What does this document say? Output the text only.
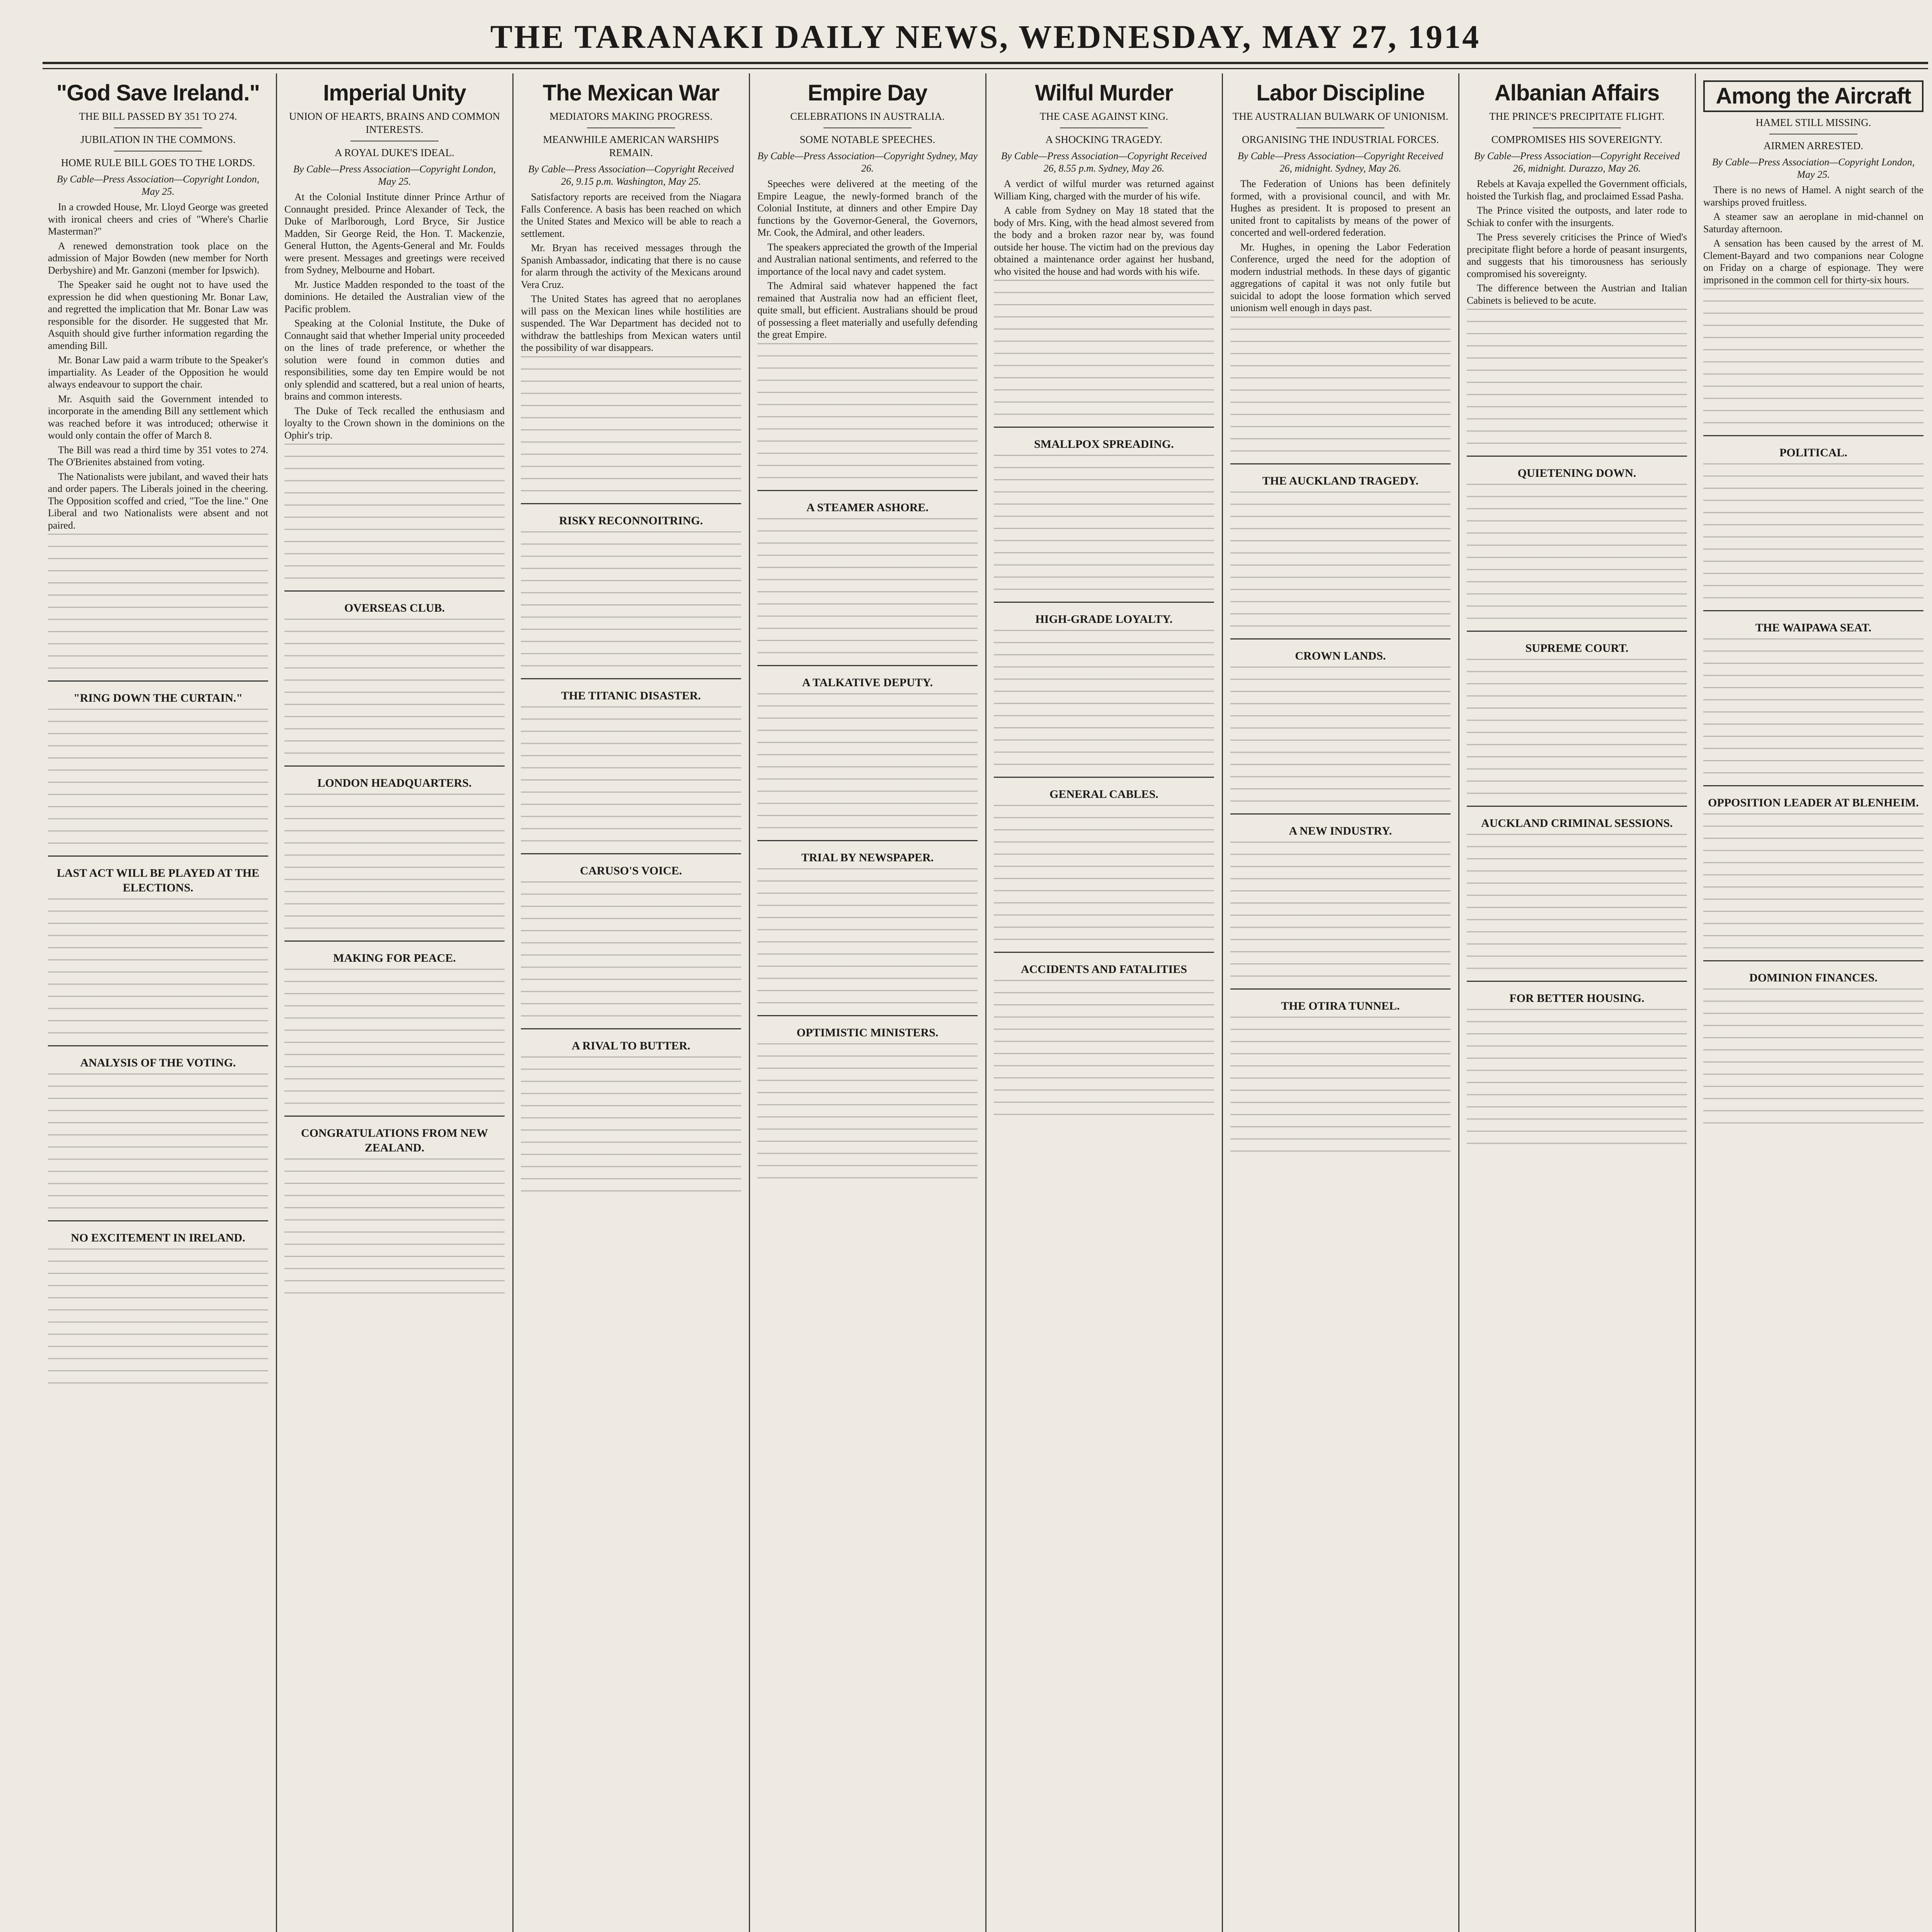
THE TARANAKI DAILY NEWS, WEDNESDAY, MAY 27, 1914
"God Save Ireland."
THE BILL PASSED BY 351 TO 274.
JUBILATION IN THE COMMONS.
HOME RULE BILL GOES TO THE LORDS.
By Cable—Press Association—Copyright London, May 25.

In a crowded House, Mr. Lloyd George was greeted with ironical cheers and cries of "Where's Charlie Masterman?"

A renewed demonstration took place on the admission of Major Bowden (new member for North Derbyshire) and Mr. Ganzoni (member for Ipswich).

The Speaker said he ought not to have used the expression he did when questioning Mr. Bonar Law, and regretted the implication that Mr. Bonar Law was responsible for the disorder. He suggested that Mr. Asquith should give further information regarding the amending Bill.

Mr. Bonar Law paid a warm tribute to the Speaker's impartiality. As Leader of the Opposition he would always endeavour to support the chair.

Mr. Asquith said the Government intended to incorporate in the amending Bill any settlement which was reached before it was introduced; otherwise it would only contain the offer of March 8.

The Bill was read a third time by 351 votes to 274. The O'Brienites abstained from voting.

The Nationalists were jubilant, and waved their hats and order papers. The Liberals joined in the cheering. The Opposition scoffed and cried, "Toe the line." One Liberal and two Nationalists were absent and not paired.

"RING DOWN THE CURTAIN."
LAST ACT WILL BE PLAYED AT THE ELECTIONS.
ANALYSIS OF THE VOTING.
NO EXCITEMENT IN IRELAND.
Imperial Unity
UNION OF HEARTS, BRAINS AND COMMON INTERESTS.
A ROYAL DUKE'S IDEAL.
By Cable—Press Association—Copyright London, May 25.

At the Colonial Institute dinner Prince Arthur of Connaught presided. Prince Alexander of Teck, the Duke of Marlborough, Lord Bryce, Sir Justice Madden, Sir George Reid, the Hon. T. Mackenzie, General Hutton, the Agents-General and Mr. Foulds were present. Messages and greetings were received from Sydney, Melbourne and Hobart.

Mr. Justice Madden responded to the toast of the dominions. He detailed the Australian view of the Pacific problem.

Speaking at the Colonial Institute, the Duke of Connaught said that whether Imperial unity proceeded on the lines of trade preference, or whether the solution were found in common duties and responsibilities, some day ten Empire would be not only splendid and scattered, but a real union of hearts, brains and common interests.

The Duke of Teck recalled the enthusiasm and loyalty to the Crown shown in the dominions on the Ophir's trip.

OVERSEAS CLUB.
LONDON HEADQUARTERS.
MAKING FOR PEACE.
CONGRATULATIONS FROM NEW ZEALAND.
The Mexican War
MEDIATORS MAKING PROGRESS.
MEANWHILE AMERICAN WARSHIPS REMAIN.
By Cable—Press Association—Copyright Received 26, 9.15 p.m. Washington, May 25.

Satisfactory reports are received from the Niagara Falls Conference. A basis has been reached on which the United States and Mexico will be able to reach a settlement.

Mr. Bryan has received messages through the Spanish Ambassador, indicating that there is no cause for alarm through the activity of the Mexicans around Vera Cruz.

The United States has agreed that no aeroplanes will pass on the Mexican lines while hostilities are suspended. The War Department has decided not to withdraw the battleships from Mexican waters until the possibility of war disappears.

RISKY RECONNOITRING.
THE TITANIC DISASTER.
CARUSO'S VOICE.
A RIVAL TO BUTTER.
Empire Day
CELEBRATIONS IN AUSTRALIA.
SOME NOTABLE SPEECHES.
By Cable—Press Association—Copyright Sydney, May 26.

Speeches were delivered at the meeting of the Empire League, the newly-formed branch of the Colonial Institute, at dinners and other Empire Day functions by the Governor-General, the Governors, Mr. Cook, the Admiral, and other leaders.

The speakers appreciated the growth of the Imperial and Australian national sentiments, and referred to the importance of the local navy and cadet system.

The Admiral said whatever happened the fact remained that Australia now had an efficient fleet, quite small, but efficient. Australians should be proud of possessing a fleet materially and usefully defending the great Empire.

A STEAMER ASHORE.
A TALKATIVE DEPUTY.
TRIAL BY NEWSPAPER.
OPTIMISTIC MINISTERS.
Wilful Murder
THE CASE AGAINST KING.
A SHOCKING TRAGEDY.
By Cable—Press Association—Copyright Received 26, 8.55 p.m. Sydney, May 26.

A verdict of wilful murder was returned against William King, charged with the murder of his wife.

A cable from Sydney on May 18 stated that the body of Mrs. King, with the head almost severed from the body and a broken razor near by, was found outside her house. The victim had on the previous day obtained a maintenance order against her husband, who visited the house and had words with his wife.

SMALLPOX SPREADING.
HIGH-GRADE LOYALTY.
GENERAL CABLES.
ACCIDENTS AND FATALITIES
Labor Discipline
THE AUSTRALIAN BULWARK OF UNIONISM.
ORGANISING THE INDUSTRIAL FORCES.
By Cable—Press Association—Copyright Received 26, midnight. Sydney, May 26.

The Federation of Unions has been definitely formed, with a provisional council, and with Mr. Hughes as president. It is proposed to present an united front to capitalists by means of the power of concerted and well-ordered federation.

Mr. Hughes, in opening the Labor Federation Conference, urged the need for the adoption of modern industrial methods. In these days of gigantic aggregations of capital it was not only futile but suicidal to adopt the loose formation which served unionism well enough in days past.

THE AUCKLAND TRAGEDY.
CROWN LANDS.
A NEW INDUSTRY.
THE OTIRA TUNNEL.
Albanian Affairs
THE PRINCE'S PRECIPITATE FLIGHT.
COMPROMISES HIS SOVEREIGNTY.
By Cable—Press Association—Copyright Received 26, midnight. Durazzo, May 26.

Rebels at Kavaja expelled the Government officials, hoisted the Turkish flag, and proclaimed Essad Pasha.

The Prince visited the outposts, and later rode to Schiak to confer with the insurgents.

The Press severely criticises the Prince of Wied's precipitate flight before a horde of peasant insurgents, and suggests that his timorousness has seriously compromised his sovereignty.

The difference between the Austrian and Italian Cabinets is believed to be acute.

QUIETENING DOWN.
SUPREME COURT.
AUCKLAND CRIMINAL SESSIONS.
FOR BETTER HOUSING.
Among the Aircraft
HAMEL STILL MISSING.
AIRMEN ARRESTED.
By Cable—Press Association—Copyright London, May 25.

There is no news of Hamel. A night search of the warships proved fruitless.

A steamer saw an aeroplane in mid-channel on Saturday afternoon.

A sensation has been caused by the arrest of M. Clement-Bayard and two companions near Cologne on Friday on a charge of espionage. They were imprisoned in the common cell for thirty-six hours.

POLITICAL.
THE WAIPAWA SEAT.
OPPOSITION LEADER AT BLENHEIM.
DOMINION FINANCES.
